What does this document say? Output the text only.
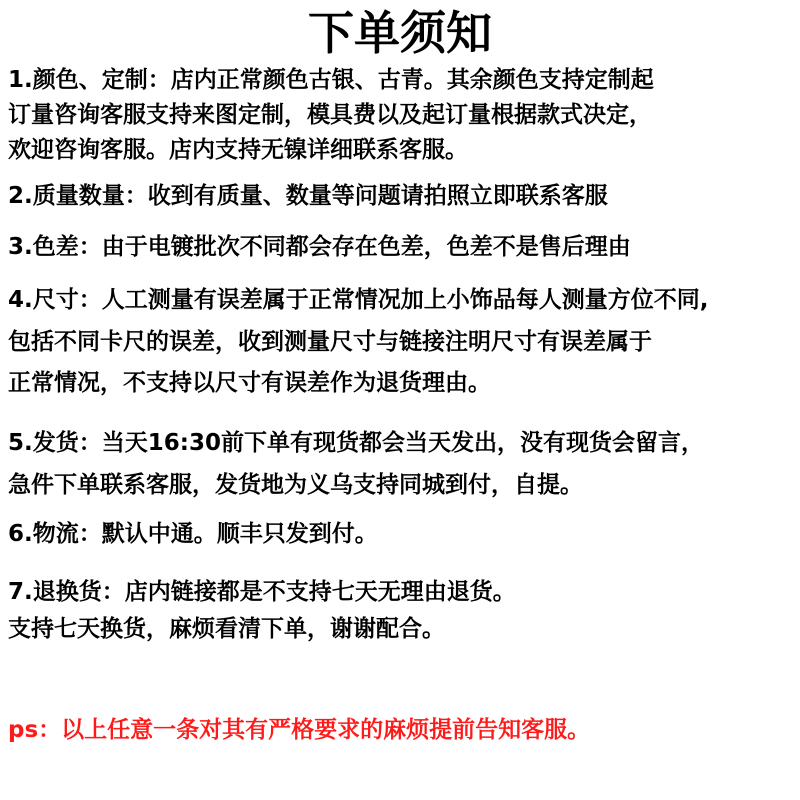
下单须知
1.颜色、定制：店内正常颜色古银、古青。其余颜色支持定制起
订量咨询客服支持来图定制，模具费以及起订量根据款式决定，
欢迎咨询客服。店内支持无镍详细联系客服。
2.质量数量：收到有质量、数量等问题请拍照立即联系客服
3.色差：由于电镀批次不同都会存在色差，色差不是售后理由
4.尺寸：人工测量有误差属于正常情况加上小饰品每人测量方位不同,
包括不同卡尺的误差，收到测量尺寸与链接注明尺寸有误差属于
正常情况，不支持以尺寸有误差作为退货理由。
5.发货：当天16:30前下单有现货都会当天发出，没有现货会留言，
急件下单联系客服，发货地为义乌支持同城到付，自提。
6.物流：默认中通。顺丰只发到付。
7.退换货：店内链接都是不支持七天无理由退货。
支持七天换货，麻烦看清下单，谢谢配合。
ps：以上任意一条对其有严格要求的麻烦提前告知客服。
